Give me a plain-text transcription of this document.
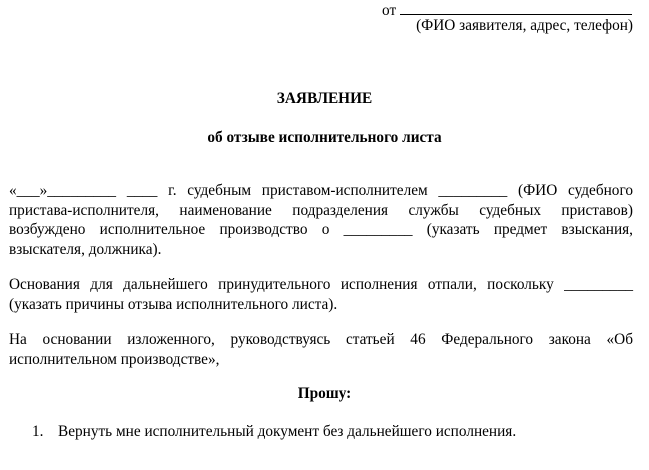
от
(ФИО заявителя, адрес, телефон)
ЗАЯВЛЕНИЕ
об отзыве исполнительного листа
«___»_________ ____ г. судебным приставом-исполнителем _________ (ФИО судебного
пристава-исполнителя, наименование подразделения службы судебных приставов)
возбуждено исполнительное производство о _________ (указать предмет взыскания,
взыскателя, должника).
Основания для дальнейшего принудительного исполнения отпали, поскольку _________
(указать причины отзыва исполнительного листа).
На основании изложенного, руководствуясь статьей 46 Федерального закона «Об
исполнительном производстве»,
Прошу:
1. Вернуть мне исполнительный документ без дальнейшего исполнения.
